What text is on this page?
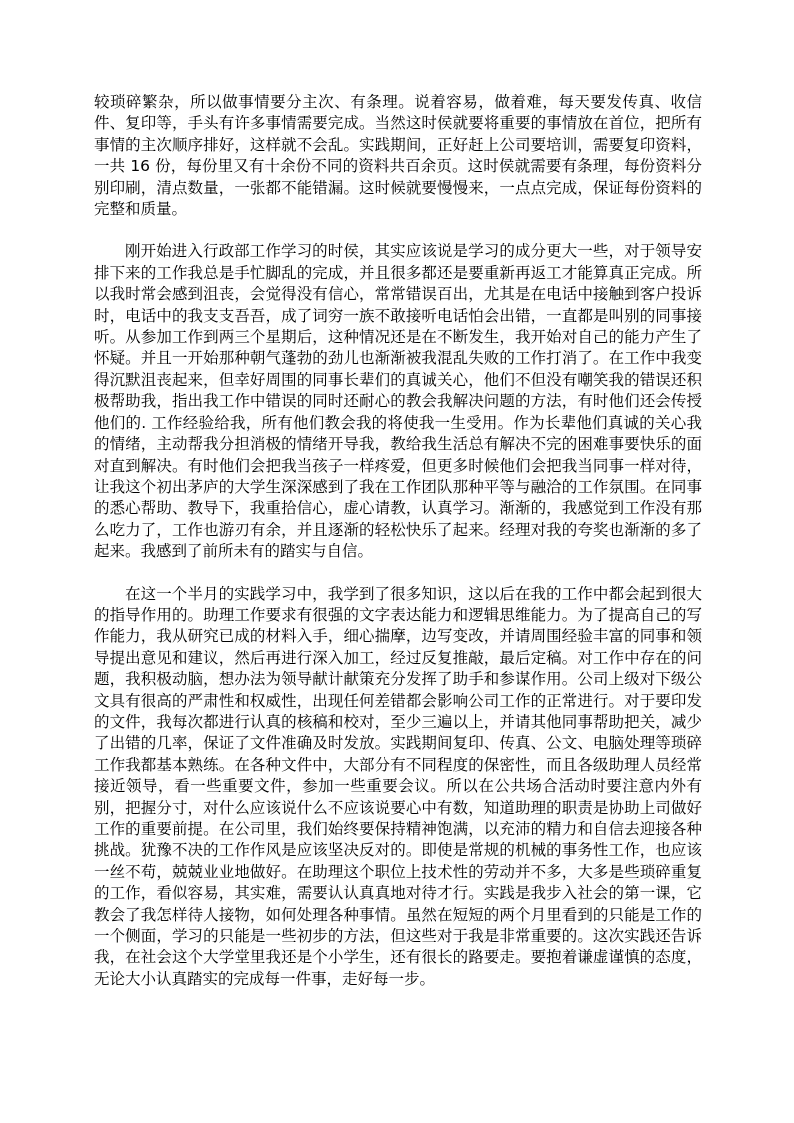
较琐碎繁杂，所以做事情要分主次、有条理。说着容易，做着难，每天要发传真、收信件、复印等，手头有许多事情需要完成。当然这时侯就要将重要的事情放在首位，把所有事情的主次顺序排好，这样就不会乱。实践期间，正好赶上公司要培训，需要复印资料，一共 16 份，每份里又有十余份不同的资料共百余页。这时侯就需要有条理，每份资料分别印刷，清点数量，一张都不能错漏。这时候就要慢慢来，一点点完成，保证每份资料的完整和质量。

刚开始进入行政部工作学习的时侯，其实应该说是学习的成分更大一些，对于领导安排下来的工作我总是手忙脚乱的完成，并且很多都还是要重新再返工才能算真正完成。所以我时常会感到沮丧，会觉得没有信心，常常错误百出，尤其是在电话中接触到客户投诉时，电话中的我支支吾吾，成了词穷一族不敢接听电话怕会出错，一直都是叫别的同事接听。从参加工作到两三个星期后，这种情况还是在不断发生，我开始对自己的能力产生了怀疑。并且一开始那种朝气蓬勃的劲儿也渐渐被我混乱失败的工作打消了。在工作中我变得沉默沮丧起来，但幸好周围的同事长辈们的真诚关心，他们不但没有嘲笑我的错误还积极帮助我，指出我工作中错误的同时还耐心的教会我解决问题的方法，有时他们还会传授他们的. 工作经验给我，所有他们教会我的将使我一生受用。作为长辈他们真诚的关心我的情绪，主动帮我分担消极的情绪开导我，教给我生活总有解决不完的困难事要快乐的面对直到解决。有时他们会把我当孩子一样疼爱，但更多时候他们会把我当同事一样对待，让我这个初出茅庐的大学生深深感到了我在工作团队那种平等与融洽的工作氛围。在同事的悉心帮助、教导下，我重拾信心，虚心请教，认真学习。渐渐的，我感觉到工作没有那么吃力了，工作也游刃有余，并且逐渐的轻松快乐了起来。经理对我的夸奖也渐渐的多了起来。我感到了前所未有的踏实与自信。

在这一个半月的实践学习中，我学到了很多知识，这以后在我的工作中都会起到很大的指导作用的。助理工作要求有很强的文字表达能力和逻辑思维能力。为了提高自己的写作能力，我从研究已成的材料入手，细心揣摩，边写变改，并请周围经验丰富的同事和领导提出意见和建议，然后再进行深入加工，经过反复推敲，最后定稿。对工作中存在的问题，我积极动脑，想办法为领导献计献策充分发挥了助手和参谋作用。公司上级对下级公文具有很高的严肃性和权威性，出现任何差错都会影响公司工作的正常进行。对于要印发的文件，我每次都进行认真的核稿和校对，至少三遍以上，并请其他同事帮助把关，减少了出错的几率，保证了文件准确及时发放。实践期间复印、传真、公文、电脑处理等琐碎工作我都基本熟练。在各种文件中，大部分有不同程度的保密性，而且各级助理人员经常接近领导，看一些重要文件，参加一些重要会议。所以在公共场合活动时要注意内外有别，把握分寸，对什么应该说什么不应该说要心中有数，知道助理的职责是协助上司做好工作的重要前提。在公司里，我们始终要保持精神饱满，以充沛的精力和自信去迎接各种挑战。犹豫不决的工作作风是应该坚决反对的。即使是常规的机械的事务性工作，也应该一丝不苟，兢兢业业地做好。在助理这个职位上技术性的劳动并不多，大多是些琐碎重复的工作，看似容易，其实难，需要认认真真地对待才行。实践是我步入社会的第一课，它教会了我怎样待人接物，如何处理各种事情。虽然在短短的两个月里看到的只能是工作的一个侧面，学习的只能是一些初步的方法，但这些对于我是非常重要的。这次实践还告诉我，在社会这个大学堂里我还是个小学生，还有很长的路要走。要抱着谦虚谨慎的态度，无论大小认真踏实的完成每一件事，走好每一步。
